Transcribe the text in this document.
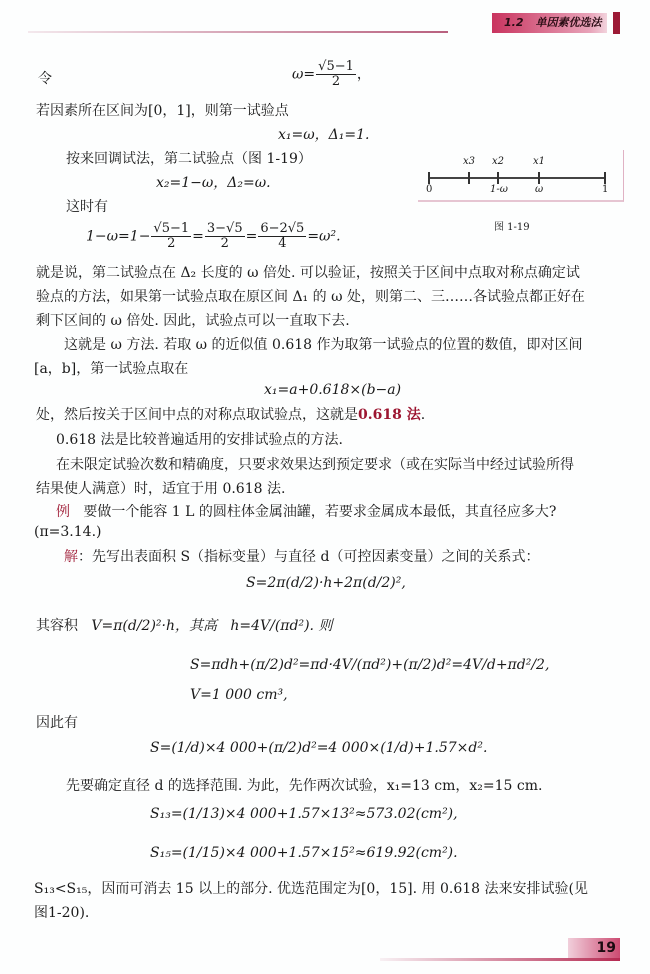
1.2 单因素优选法
令	$\omega= \frac{√5-1}{2}$ ，
若因素所在区间为[0，1]，则第一试验点
x₁=ω，Δ₁=1.
按来回调试法，第二试验点（图 1-19）
x₂=1−ω，Δ₂=ω.
这时有
$1-\omega=1- \frac{√5-1}{2} = \frac{3-√5}{2} = \frac{6-2√5}{4} =\omega^2$.
x3 x2	x1
0	1-ω	ω	1
图 1-19
就是说，第二试验点在 Δ₂ 长度的 ω 倍处. 可以验证，按照关于区间中点取对称点确定试
验点的方法，如果第一试验点取在原区间 Δ₁ 的 ω 处，则第二、三……各试验点都正好在
剩下区间的 ω 倍处. 因此，试验点可以一直取下去.
这就是 ω 方法. 若取 ω 的近似值 0.618 作为取第一试验点的位置的数值，即对区间
[a，b]，第一试验点取在
x₁=a+0.618×(b−a)
处，然后按关于区间中点的对称点取试验点，这就是0.618 法.
0.618 法是比较普遍适用的安排试验点的方法.
在未限定试验次数和精确度，只要求效果达到预定要求（或在实际当中经过试验所得
结果使人满意）时，适宜于用 0.618 法.
例 要做一个能容 1 L 的圆柱体金属油罐，若要求金属成本最低，其直径应多大?
(π=3.14.)
解：先写出表面积 S（指标变量）与直径 d（可控因素变量）之间的关系式：
S=2π(d/2)·h+2π(d/2)²,
其容积 V=π(d/2)²·h，其高 h=4V/(πd²). 则
S=πdh+(π/2)d²=πd·4V/(πd²)+(π/2)d²=4V/d+πd²/2,
V=1 000 cm³,
因此有
S=(1/d)×4 000+(π/2)d²=4 000×(1/d)+1.57×d².
先要确定直径 d 的选择范围. 为此，先作两次试验，x₁=13 cm，x₂=15 cm.
S₁₃=(1/13)×4 000+1.57×13²≈573.02(cm²),
S₁₅=(1/15)×4 000+1.57×15²≈619.92(cm²).
S₁₃<S₁₅，因而可消去 15 以上的部分. 优选范围定为[0，15]. 用 0.618 法来安排试验(见
图1-20).
19
